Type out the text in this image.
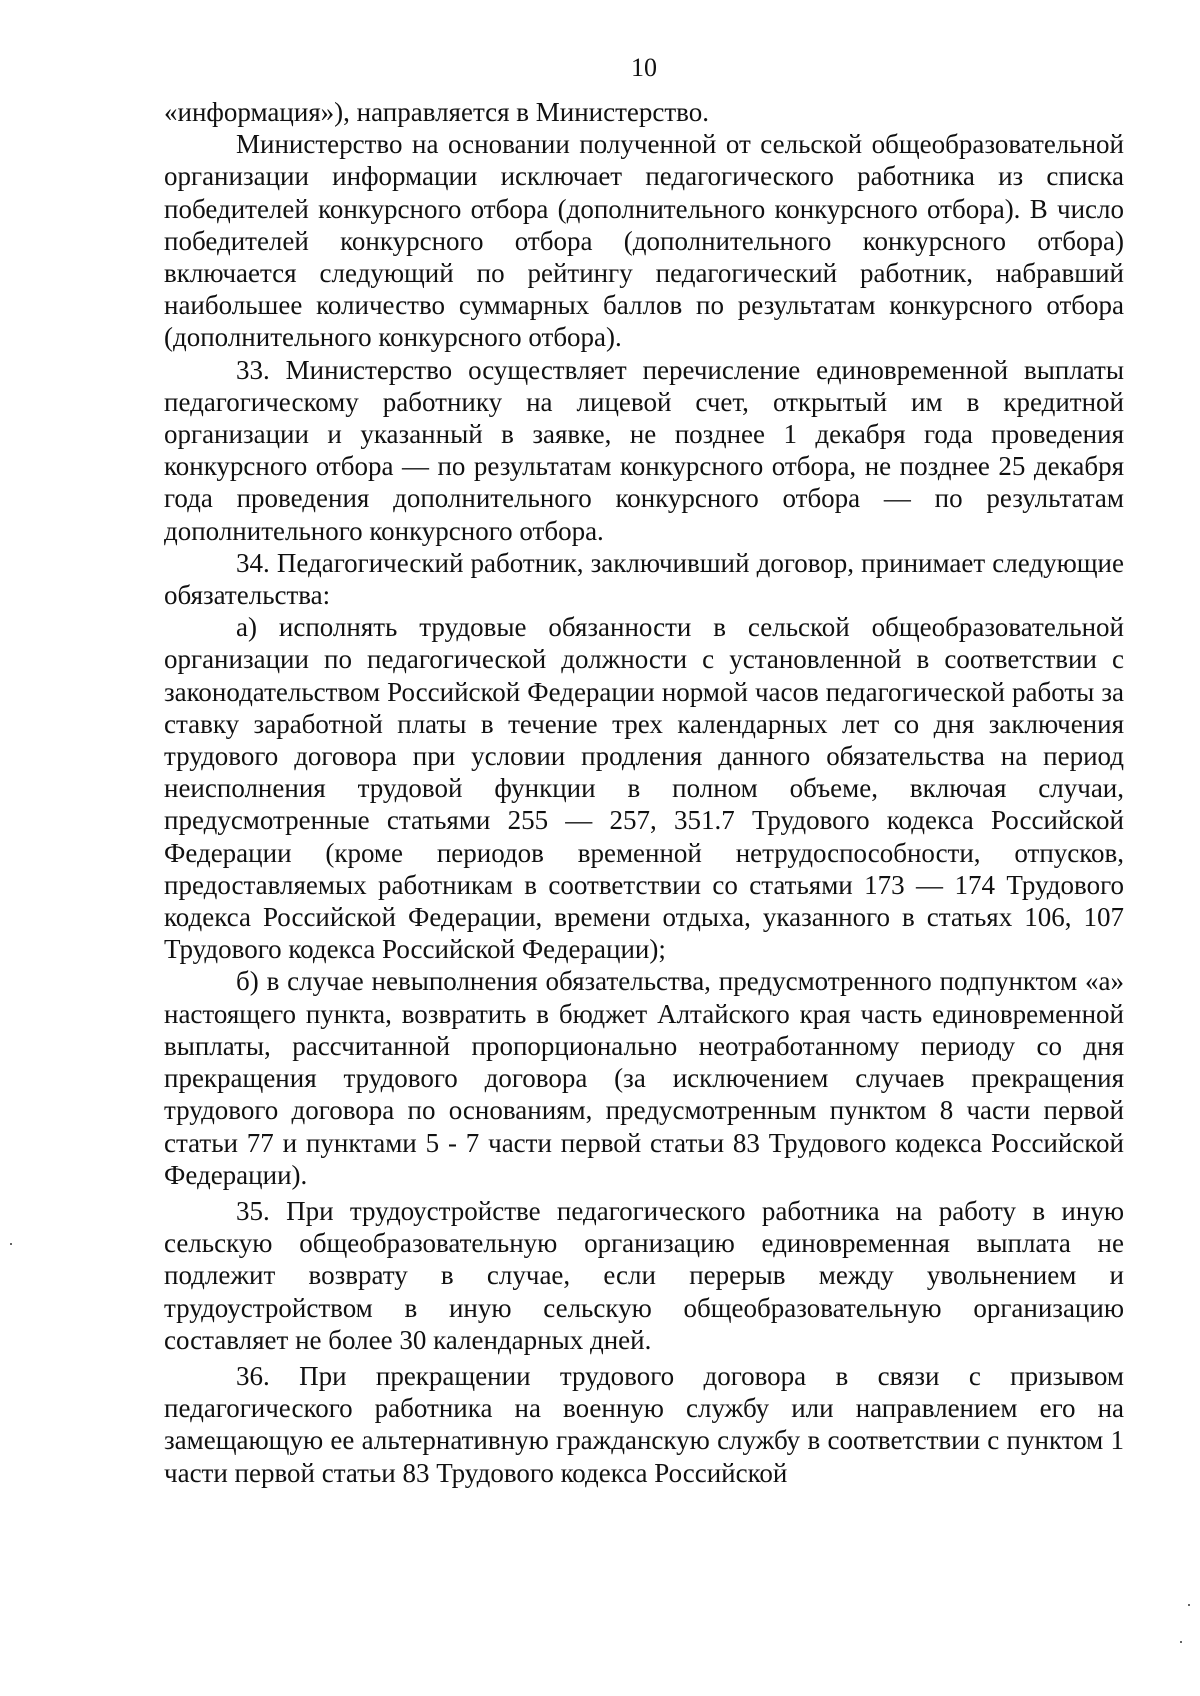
10

«информация»), направляется в Министерство.

Министерство на основании полученной от сельской общеобразовательной организации информации исключает педагогического работника из списка победителей конкурсного отбора (дополнительного конкурсного отбора). В число победителей конкурсного отбора (дополнительного конкурсного отбора) включается следующий по рейтингу педагогический работник, набравший наибольшее количество суммарных баллов по результатам конкурсного отбора (дополнительного конкурсного отбора).

33. Министерство осуществляет перечисление единовременной выплаты педагогическому работнику на лицевой счет, открытый им в кредитной организации и указанный в заявке, не позднее 1 декабря года проведения конкурсного отбора — по результатам конкурсного отбора, не позднее 25 декабря года проведения дополнительного конкурсного отбора — по результатам дополнительного конкурсного отбора.

34. Педагогический работник, заключивший договор, принимает следующие обязательства:

а) исполнять трудовые обязанности в сельской общеобразовательной организации по педагогической должности с установленной в соответствии с законодательством Российской Федерации нормой часов педагогической работы за ставку заработной платы в течение трех календарных лет со дня заключения трудового договора при условии продления данного обязательства на период неисполнения трудовой функции в полном объеме, включая случаи, предусмотренные статьями 255 — 257, 351.7 Трудового кодекса Российской Федерации (кроме периодов временной нетрудоспособности, отпусков, предоставляемых работникам в соответствии со статьями 173 — 174 Трудового кодекса Российской Федерации, времени отдыха, указанного в статьях 106, 107 Трудового кодекса Российской Федерации);

б) в случае невыполнения обязательства, предусмотренного подпунктом «а» настоящего пункта, возвратить в бюджет Алтайского края часть единовременной выплаты, рассчитанной пропорционально неотработанному периоду со дня прекращения трудового договора (за исключением случаев прекращения трудового договора по основаниям, предусмотренным пунктом 8 части первой статьи 77 и пунктами 5 - 7 части первой статьи 83 Трудового кодекса Российской Федерации).

35. При трудоустройстве педагогического работника на работу в иную сельскую общеобразовательную организацию единовременная выплата не подлежит возврату в случае, если перерыв между увольнением и трудоустройством в иную сельскую общеобразовательную организацию составляет не более 30 календарных дней.

36. При прекращении трудового договора в связи с призывом педагогического работника на военную службу или направлением его на замещающую ее альтернативную гражданскую службу в соответствии с пунктом 1 части первой статьи 83 Трудового кодекса Российской
